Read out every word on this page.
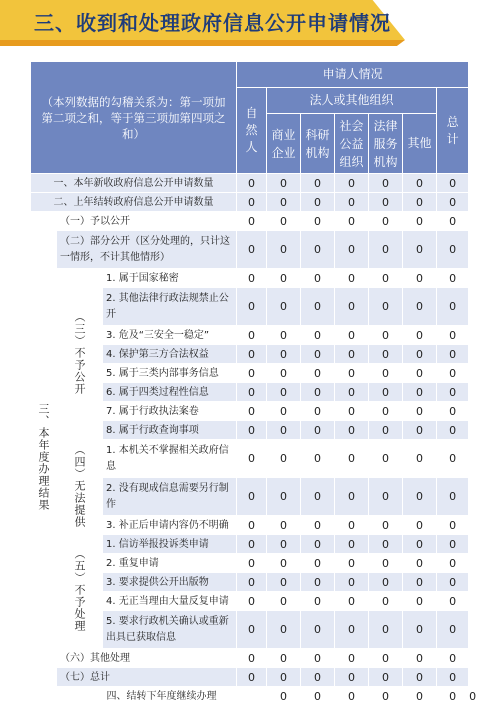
三、收到和处理政府信息公开申请情况
（本列数据的勾稽关系为：第一项加第二项之和，等于第三项加第四项之和）			申请人情况							
			自然人	法人或其他组织					总计	
				商业企业	科研机构	社会公益组织	法律服务机构	其他		
一、本年新收政府信息公开申请数量			0	0	0	0	0	0	0	
二、上年结转政府信息公开申请数量			0	0	0	0	0	0	0	
三、本年度办理结果	（一）予以公开		0	0	0	0	0	0	0	
	（二）部分公开（区分处理的，只计这一情形，不计其他情形）		0	0	0	0	0	0	0	
	（三）不予公开	1. 属于国家秘密	0	0	0	0	0	0	0	
		2. 其他法律行政法规禁止公开	0	0	0	0	0	0	0	
		3. 危及“三安全一稳定”	0	0	0	0	0	0	0	
		4. 保护第三方合法权益	0	0	0	0	0	0	0	
		5. 属于三类内部事务信息	0	0	0	0	0	0	0	
		6. 属于四类过程性信息	0	0	0	0	0	0	0	
		7. 属于行政执法案卷	0	0	0	0	0	0	0	
		8. 属于行政查询事项	0	0	0	0	0	0	0	
	（四）无法提供	1. 本机关不掌握相关政府信息	0	0	0	0	0	0	0	
		2. 没有现成信息需要另行制作	0	0	0	0	0	0	0	
		3. 补正后申请内容仍不明确	0	0	0	0	0	0	0	
	（五）不予处理	1. 信访举报投诉类申请	0	0	0	0	0	0	0	
		2. 重复申请	0	0	0	0	0	0	0	
		3. 要求提供公开出版物	0	0	0	0	0	0	0	
		4. 无正当理由大量反复申请	0	0	0	0	0	0	0	
		5. 要求行政机关确认或重新出具已获取信息	0	0	0	0	0	0	0	
	（六）其他处理		0	0	0	0	0	0	0	
	（七）总计		0	0	0	0	0	0	0	
	四、结转下年度继续办理			0	0	0	0	0	0	0
